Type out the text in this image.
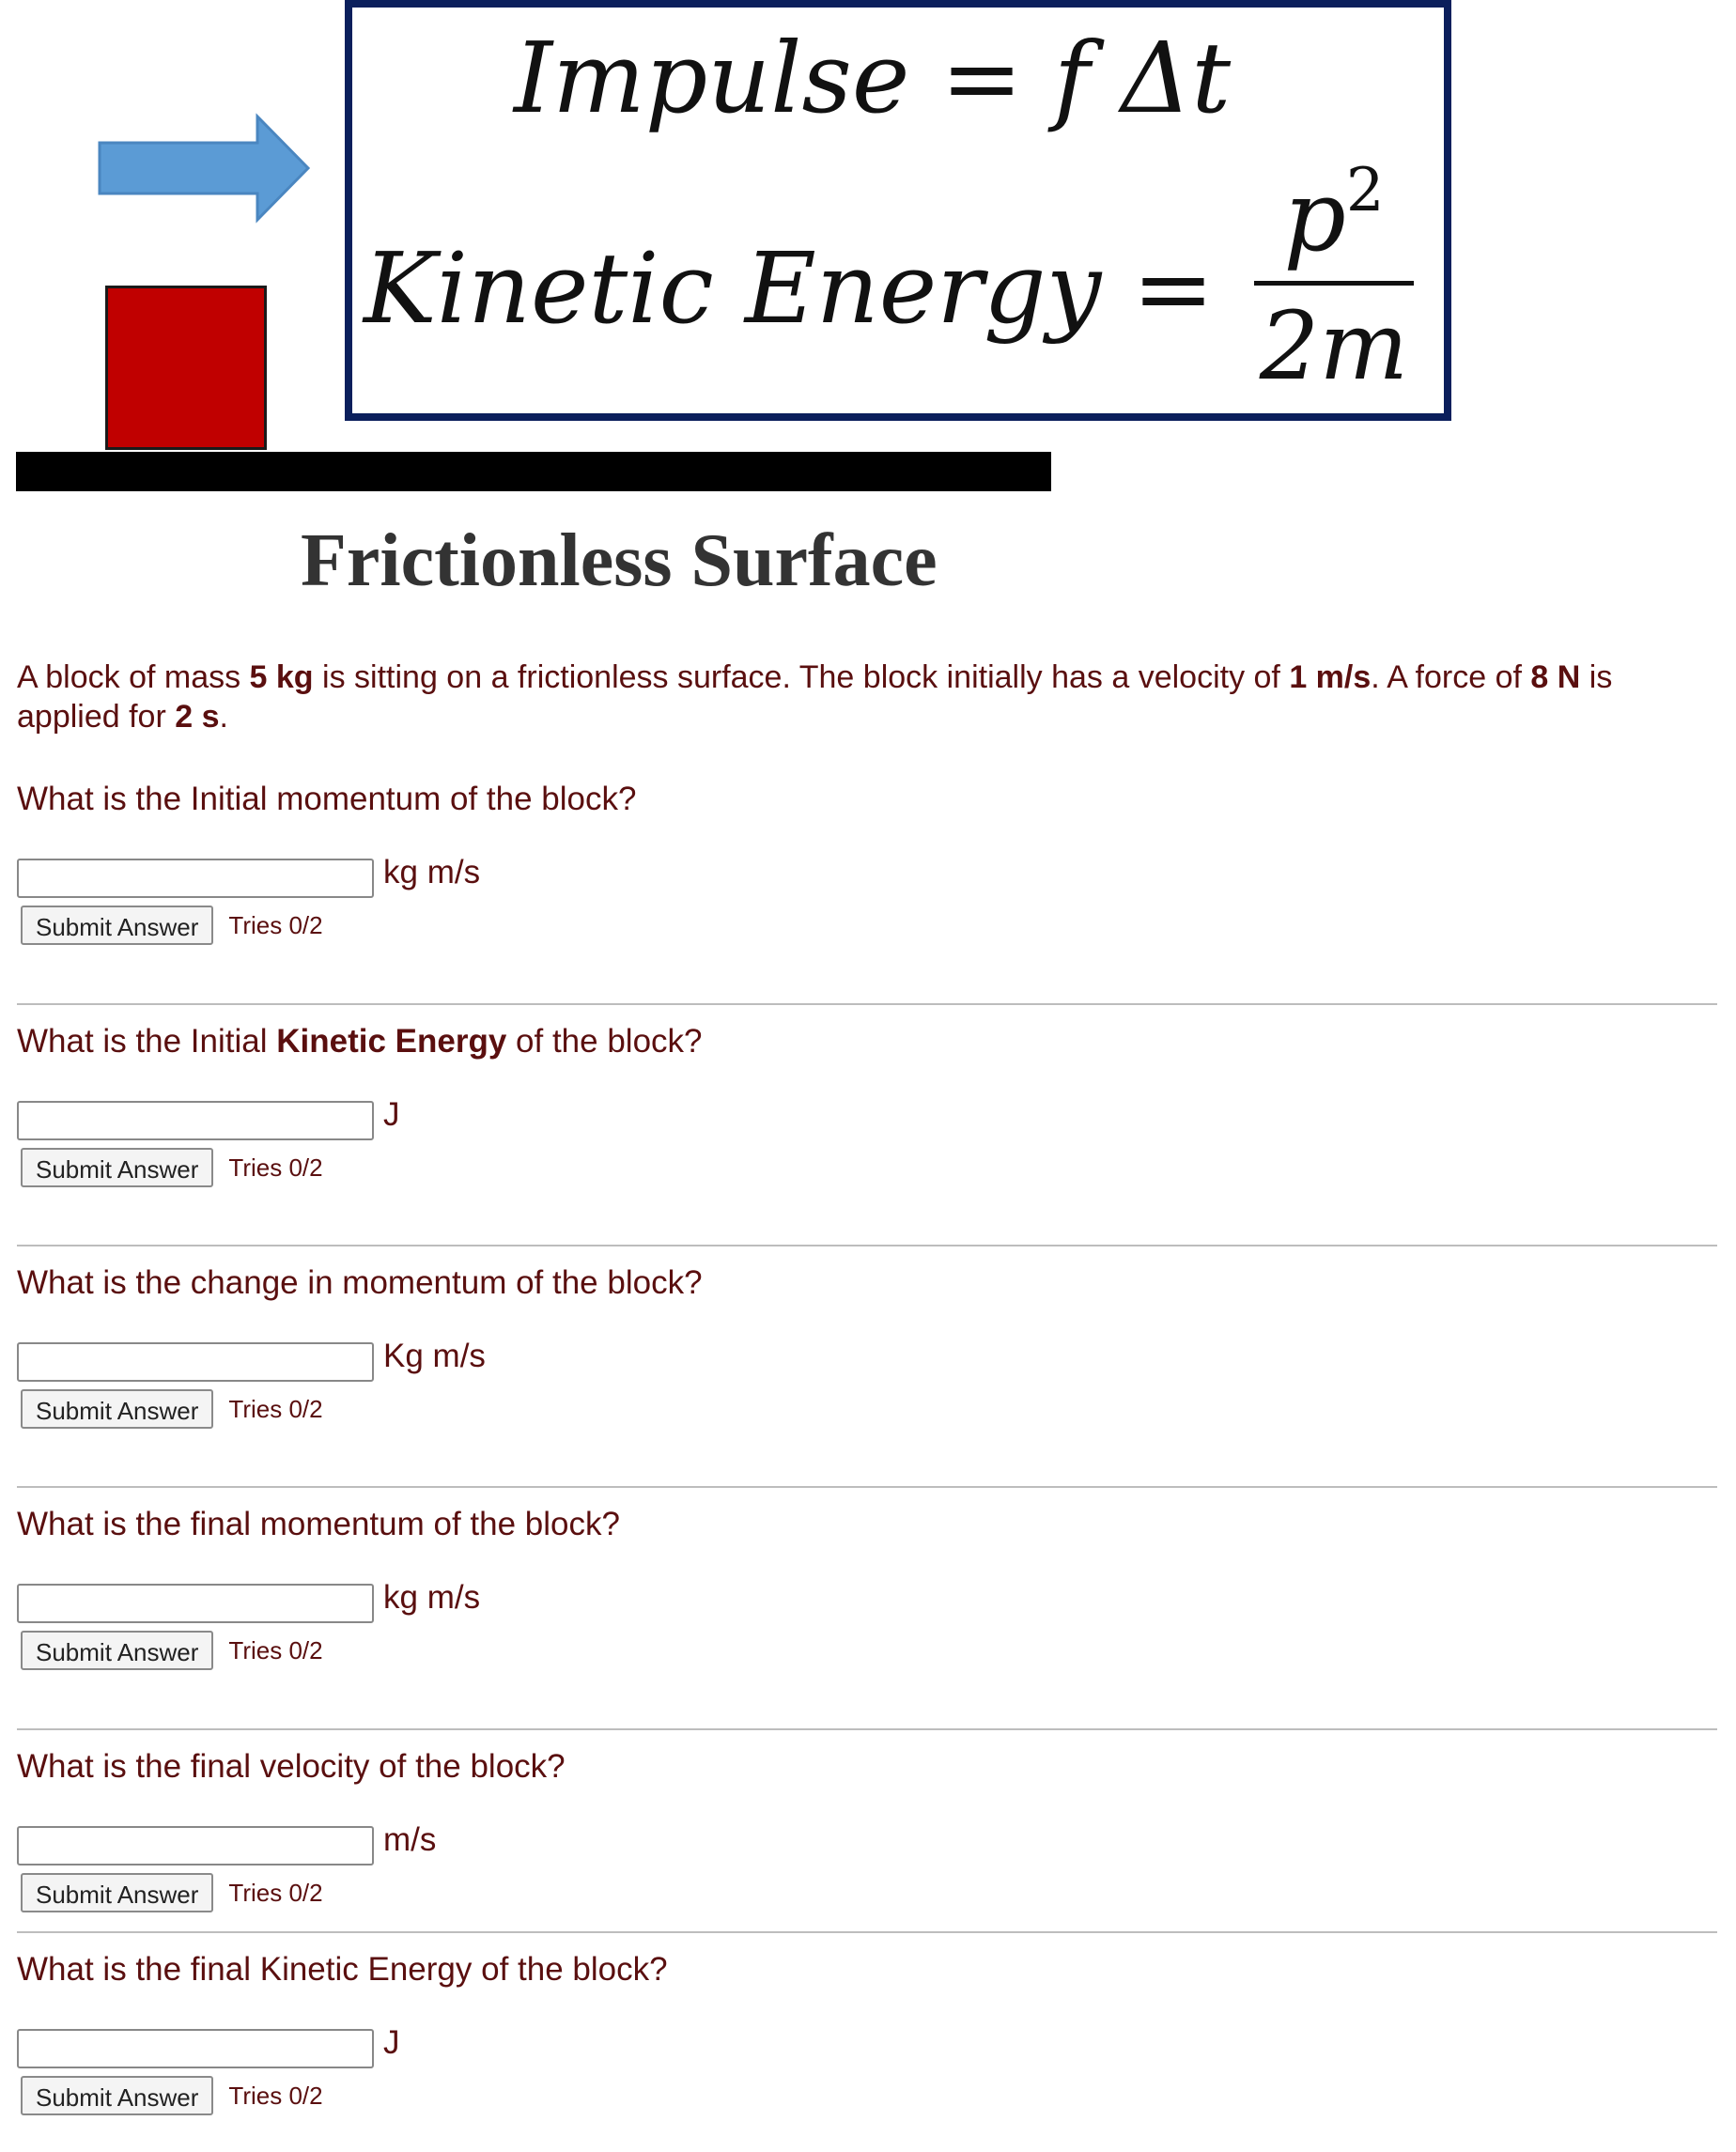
Frictionless Surface
Impulse = f Δt
Kinetic Energy =
$p^2$
2m
A block of mass 5 kg is sitting on a frictionless surface. The block initially has a velocity of 1 m/s. A force of 8 N is applied for 2 s.
What is the Initial momentum of the block?
kg m/s
Submit Answer	Tries 0/2
What is the Initial Kinetic Energy of the block?
J
Submit Answer	Tries 0/2
What is the change in momentum of the block?
Kg m/s
Submit Answer	Tries 0/2
What is the final momentum of the block?
kg m/s
Submit Answer	Tries 0/2
What is the final velocity of the block?
m/s
Submit Answer	Tries 0/2
What is the final Kinetic Energy of the block?
J
Submit Answer	Tries 0/2
